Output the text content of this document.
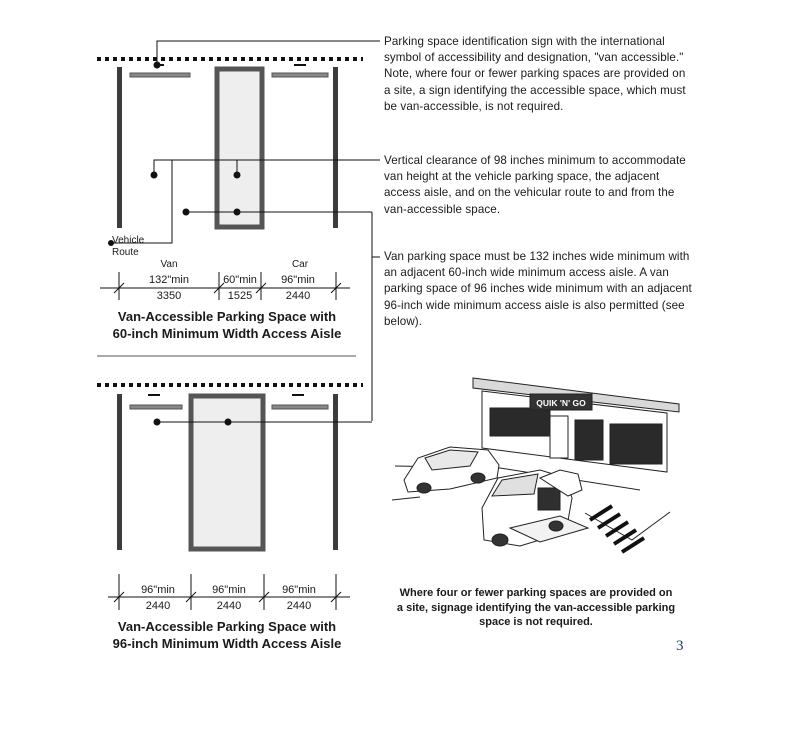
Vehicle
Route
Van	Car
132"min	60"min 96"min
3350	1525	2440
96"min	96"min	96"min
2440	2440	2440
QUIK 'N' GO
Parking space identification sign with the international symbol of accessibility and designation, "van accessible." Note, where four or fewer parking spaces are provided on a site, a sign identifying the accessible space, which must be van-accessible, is not required.
Vertical clearance of 98 inches minimum to accommodate van height at the vehicle parking space, the adjacent access aisle, and on the vehicular route to and from the van-accessible space.
Van parking space must be 132 inches wide minimum with an adjacent 60-inch wide minimum access aisle. A van parking space of 96 inches wide minimum with an adjacent 96-inch wide minimum access aisle is also permitted (see below).
Van-Accessible Parking Space with
60-inch Minimum Width Access Aisle
Van-Accessible Parking Space with
96-inch Minimum Width Access Aisle
Where four or fewer parking spaces are provided on a site, signage identifying the van-accessible parking space is not required.
3
